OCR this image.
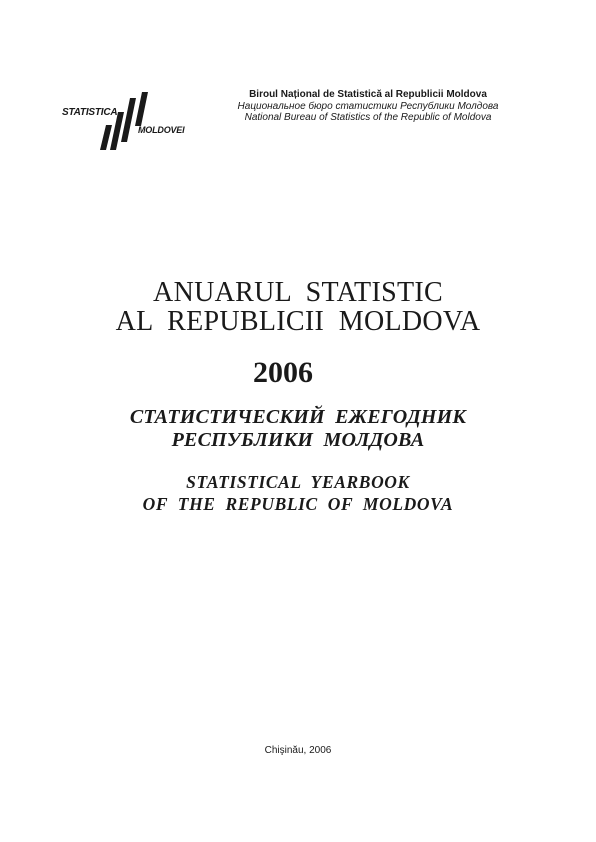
STATISTICA
MOLDOVEI
Biroul Național de Statistică al Republicii Moldova
Национальное бюро статистики Республики Молдова
National Bureau of Statistics of the Republic of Moldova
ANUARUL  STATISTIC
AL  REPUBLICII  MOLDOVA
2006
СТАТИСТИЧЕСКИЙ  ЕЖЕГОДНИК
РЕСПУБЛИКИ  МОЛДОВА
STATISTICAL  YEARBOOK
OF  THE  REPUBLIC  OF  MOLDOVA
Chişinău, 2006
